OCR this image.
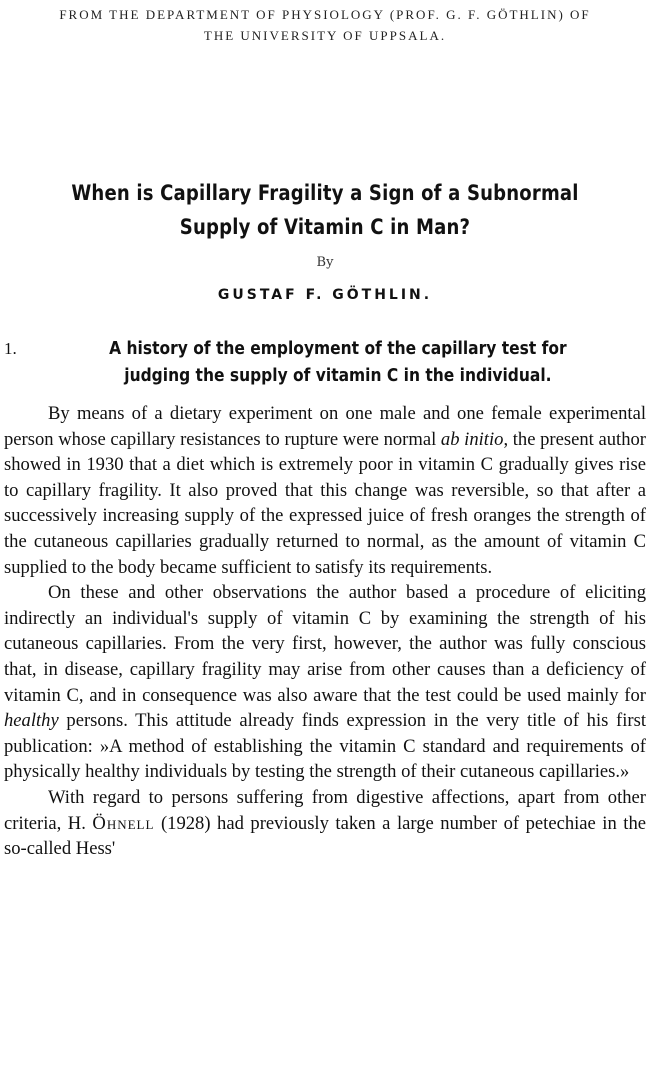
FROM THE DEPARTMENT OF PHYSIOLOGY (PROF. G. F. GÖTHLIN) OF
THE UNIVERSITY OF UPPSALA.
When is Capillary Fragility a Sign of a Subnormal
Supply of Vitamin C in Man?
By
GUSTAF F. GÖTHLIN.
1.	A history of the employment of the capillary test for judging the supply of vitamin C in the individual.

By means of a dietary experiment on one male and one female experimental person whose capillary resistances to rupture were normal ab initio, the present author showed in 1930 that a diet which is extremely poor in vitamin C gradually gives rise to capillary fragility. It also proved that this change was reversible, so that after a successively increasing supply of the expressed juice of fresh oranges the strength of the cutaneous capillaries gradually returned to normal, as the amount of vitamin C supplied to the body became sufficient to satisfy its requirements.

On these and other observations the author based a procedure of eliciting indirectly an individual's supply of vitamin C by examining the strength of his cutaneous capillaries. From the very first, however, the author was fully conscious that, in disease, capillary fragility may arise from other causes than a deficiency of vitamin C, and in consequence was also aware that the test could be used mainly for healthy persons. This attitude already finds expression in the very title of his first publication: »A method of establishing the vitamin C standard and requirements of physically healthy individuals by testing the strength of their cutaneous capillaries.»

With regard to persons suffering from digestive affections, apart from other criteria, H. Öhnell (1928) had previously taken a large number of petechiae in the so-called Hess'
